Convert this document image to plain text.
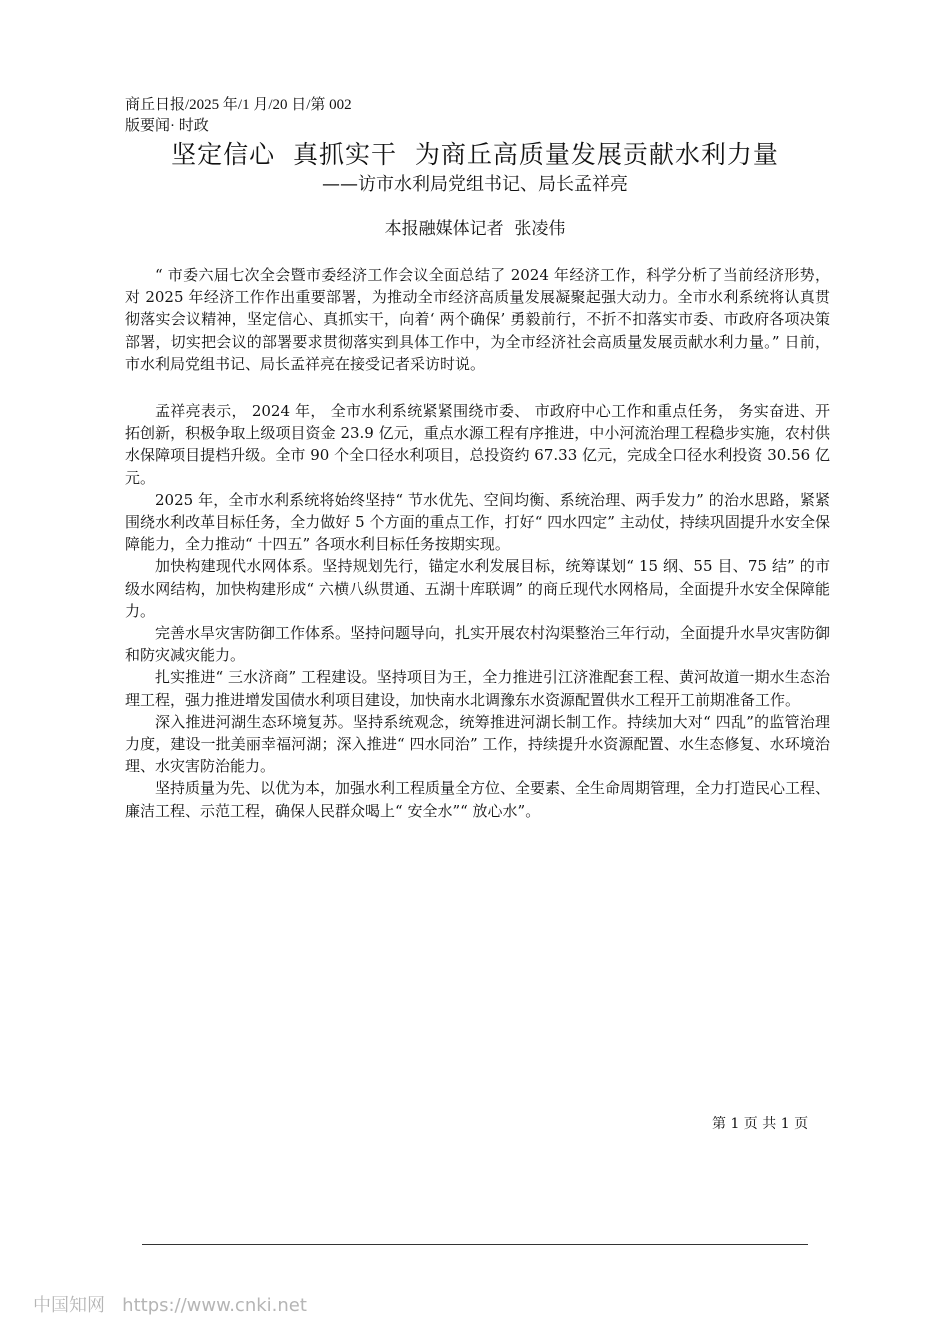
商丘日报/2025 年/1 月/20 日/第 002
版要闻· 时政
坚定信心  真抓实干  为商丘高质量发展贡献水利力量
——访市水利局党组书记、局长孟祥亮
本报融媒体记者  张凌伟

“ 市委六届七次全会暨市委经济工作会议全面总结了 2024 年经济工作，科学分析了当前经济形势，对 2025 年经济工作作出重要部署，为推动全市经济高质量发展凝聚起强大动力。全市水利系统将认真贯彻落实会议精神，坚定信心、真抓实干，向着‘ 两个确保’ 勇毅前行，不折不扣落实市委、市政府各项决策部署，切实把会议的部署要求贯彻落实到具体工作中，为全市经济社会高质量发展贡献水利力量。” 日前，市水利局党组书记、局长孟祥亮在接受记者采访时说。

孟祥亮表示， 2024 年， 全市水利系统紧紧围绕市委、 市政府中心工作和重点任务， 务实奋进、开拓创新，积极争取上级项目资金 23.9 亿元，重点水源工程有序推进，中小河流治理工程稳步实施，农村供水保障项目提档升级。全市 90 个全口径水利项目，总投资约 67.33 亿元，完成全口径水利投资 30.56 亿元。

2025 年，全市水利系统将始终坚持“ 节水优先、空间均衡、系统治理、两手发力” 的治水思路，紧紧围绕水利改革目标任务，全力做好 5 个方面的重点工作，打好“ 四水四定” 主动仗，持续巩固提升水安全保障能力，全力推动“ 十四五” 各项水利目标任务按期实现。

加快构建现代水网体系。坚持规划先行，锚定水利发展目标，统筹谋划“ 15 纲、55 目、75 结” 的市级水网结构，加快构建形成“ 六横八纵贯通、五湖十库联调” 的商丘现代水网格局，全面提升水安全保障能力。

完善水旱灾害防御工作体系。坚持问题导向，扎实开展农村沟渠整治三年行动，全面提升水旱灾害防御和防灾减灾能力。

扎实推进“ 三水济商” 工程建设。坚持项目为王，全力推进引江济淮配套工程、黄河故道一期水生态治理工程，强力推进增发国债水利项目建设，加快南水北调豫东水资源配置供水工程开工前期准备工作。

深入推进河湖生态环境复苏。坚持系统观念，统筹推进河湖长制工作。持续加大对“ 四乱”的监管治理力度，建设一批美丽幸福河湖；深入推进“ 四水同治” 工作，持续提升水资源配置、水生态修复、水环境治理、水灾害防治能力。

坚持质量为先、以优为本，加强水利工程质量全方位、全要素、全生命周期管理，全力打造民心工程、廉洁工程、示范工程，确保人民群众喝上“ 安全水”“ 放心水”。

第 1 页 共 1 页
中国知网   https://www.cnki.net
